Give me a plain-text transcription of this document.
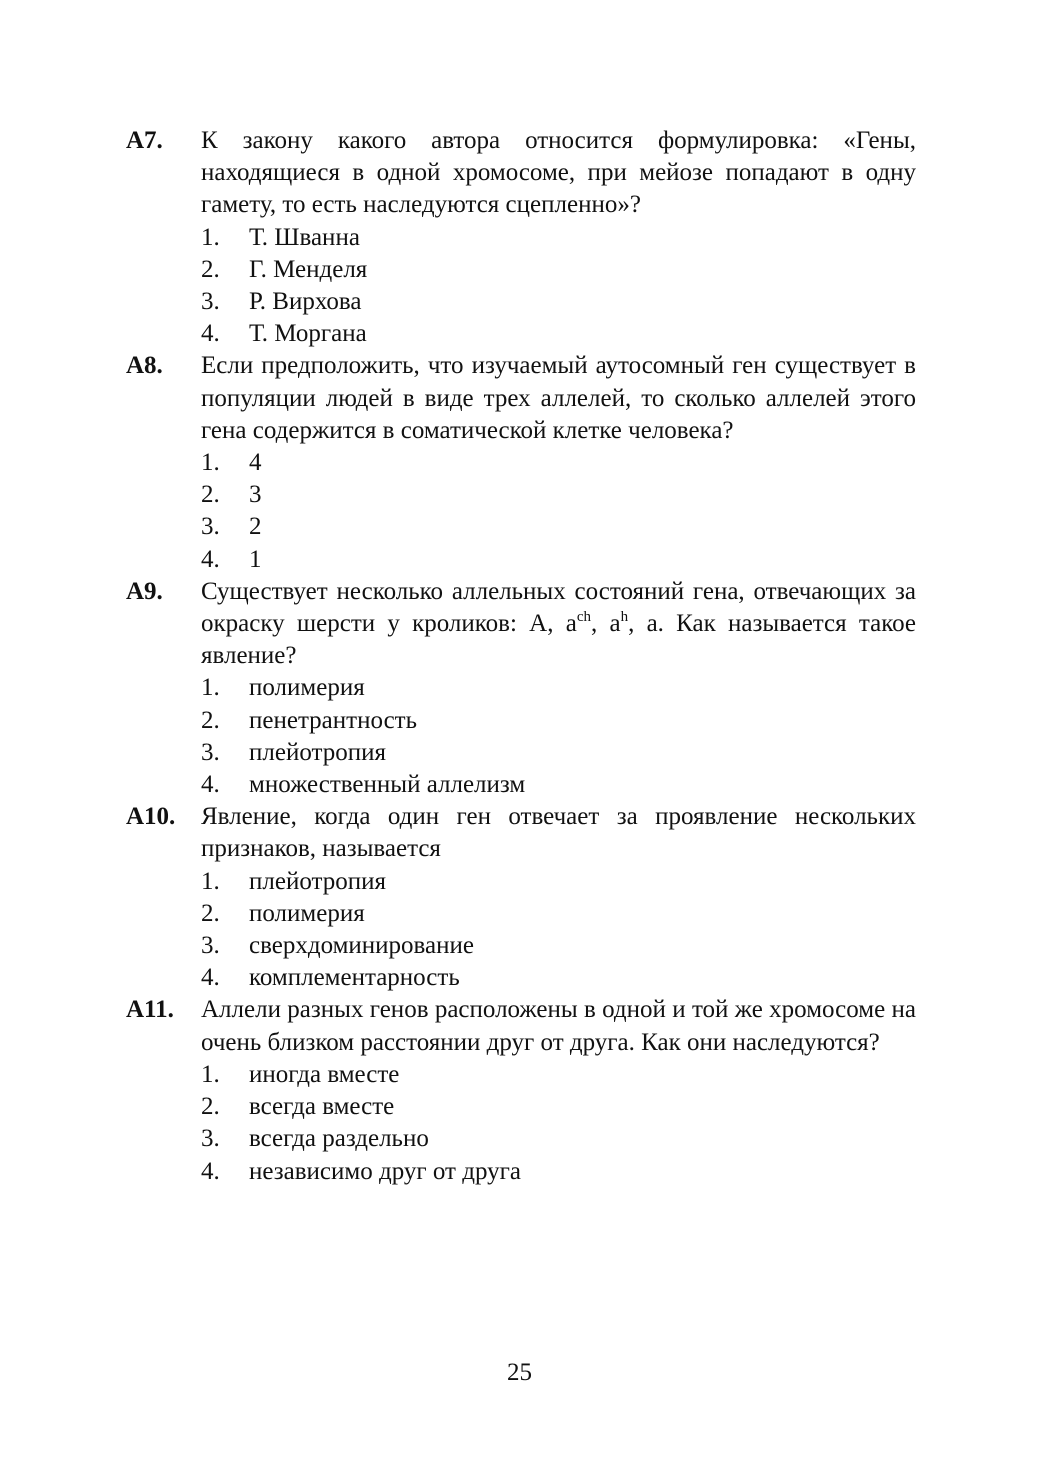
А7.	К закону какого автора относится формулировка: «Гены, находящиеся в одной хромосоме, при мейозе попадают в одну гамету, то есть наследуются сцепленно»?
1.	Т. Шванна
2.	Г. Менделя
3.	Р. Вирхова
4.	Т. Моргана
А8.	Если предположить, что изучаемый аутосомный ген существует в популяции людей в виде трех аллелей, то сколько аллелей этого гена содержится в соматической клетке человека?
1.	4
2.	3
3.	2
4.	1
А9.	Существует несколько аллельных состояний гена, отвечающих за окраску шерсти у кроликов: А, $a^{ch}$, $a^h$, a. Как называется такое явление?
1.	полимерия
2.	пенетрантность
3.	плейотропия
4.	множественный аллелизм
А10.	Явление, когда один ген отвечает за проявление нескольких признаков, называется
1.	плейотропия
2.	полимерия
3.	сверхдоминирование
4.	комплементарность
А11.	Аллели разных генов расположены в одной и той же хромосоме на очень близком расстоянии друг от друга. Как они наследуются?
1.	иногда вместе
2.	всегда вместе
3.	всегда раздельно
4.	независимо друг от друга
25
